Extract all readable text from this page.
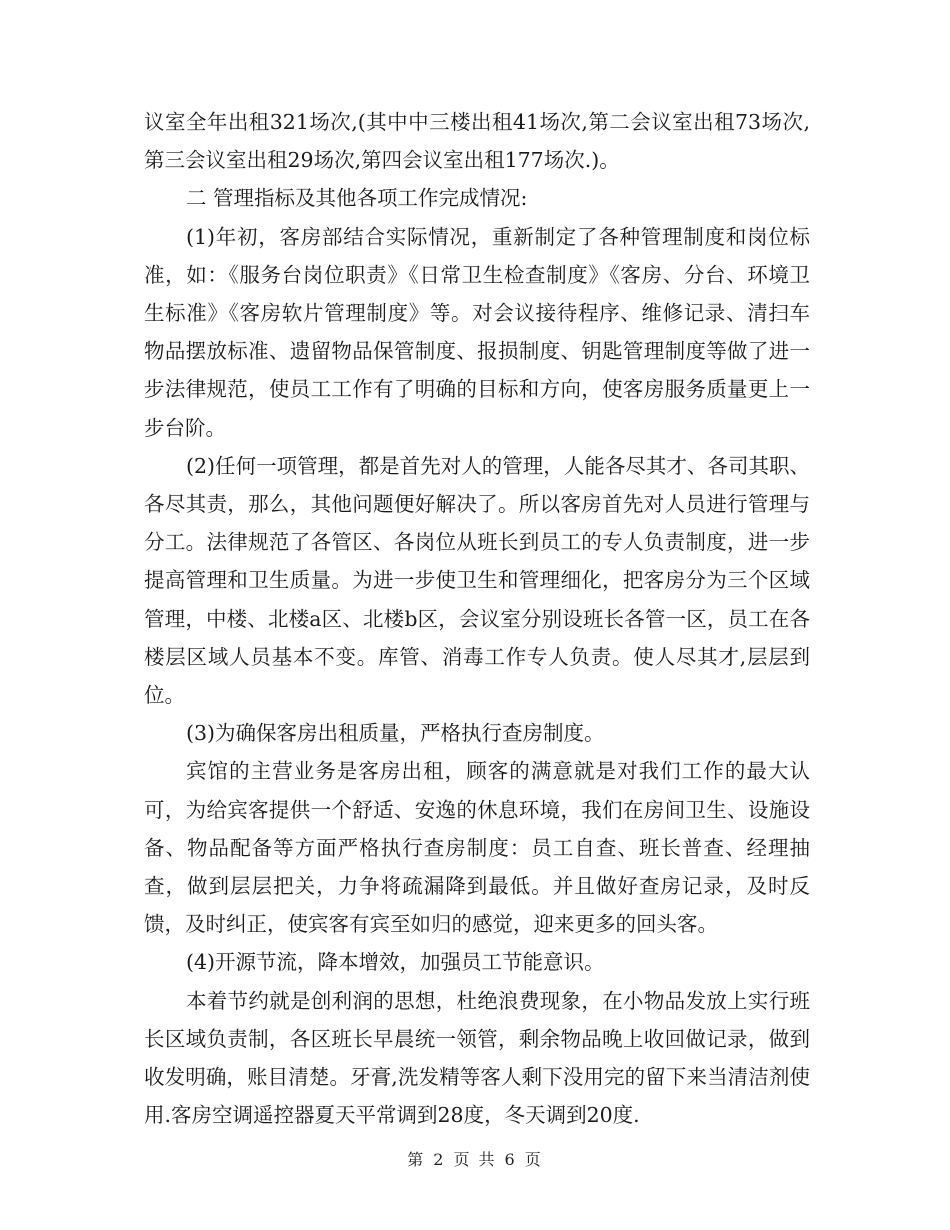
议室全年出租321场次,(其中中三楼出租41场次,第二会议室出租73场次,第三会议室出租29场次,第四会议室出租177场次.)。

二 管理指标及其他各项工作完成情况:

(1)年初，客房部结合实际情况，重新制定了各种管理制度和岗位标准，如：《服务台岗位职责》《日常卫生检查制度》《客房、分台、环境卫生标准》《客房软片管理制度》等。对会议接待程序、维修记录、清扫车物品摆放标准、遗留物品保管制度、报损制度、钥匙管理制度等做了进一步法律规范，使员工工作有了明确的目标和方向，使客房服务质量更上一步台阶。

(2)任何一项管理，都是首先对人的管理，人能各尽其才、各司其职、各尽其责，那么，其他问题便好解决了。所以客房首先对人员进行管理与分工。法律规范了各管区、各岗位从班长到员工的专人负责制度，进一步提高管理和卫生质量。为进一步使卫生和管理细化，把客房分为三个区域管理，中楼、北楼a区、北楼b区，会议室分别设班长各管一区，员工在各楼层区域人员基本不变。库管、消毒工作专人负责。使人尽其才,层层到位。

(3)为确保客房出租质量，严格执行查房制度。

宾馆的主营业务是客房出租，顾客的满意就是对我们工作的最大认可，为给宾客提供一个舒适、安逸的休息环境，我们在房间卫生、设施设备、物品配备等方面严格执行查房制度：员工自查、班长普查、经理抽查，做到层层把关，力争将疏漏降到最低。并且做好查房记录，及时反馈，及时纠正，使宾客有宾至如归的感觉，迎来更多的回头客。

(4)开源节流，降本增效，加强员工节能意识。

本着节约就是创利润的思想，杜绝浪费现象，在小物品发放上实行班长区域负责制，各区班长早晨统一领管，剩余物品晚上收回做记录，做到收发明确，账目清楚。牙膏,洗发精等客人剩下没用完的留下来当清洁剂使用.客房空调遥控器夏天平常调到28度，冬天调到20度.

第 2 页 共 6 页
